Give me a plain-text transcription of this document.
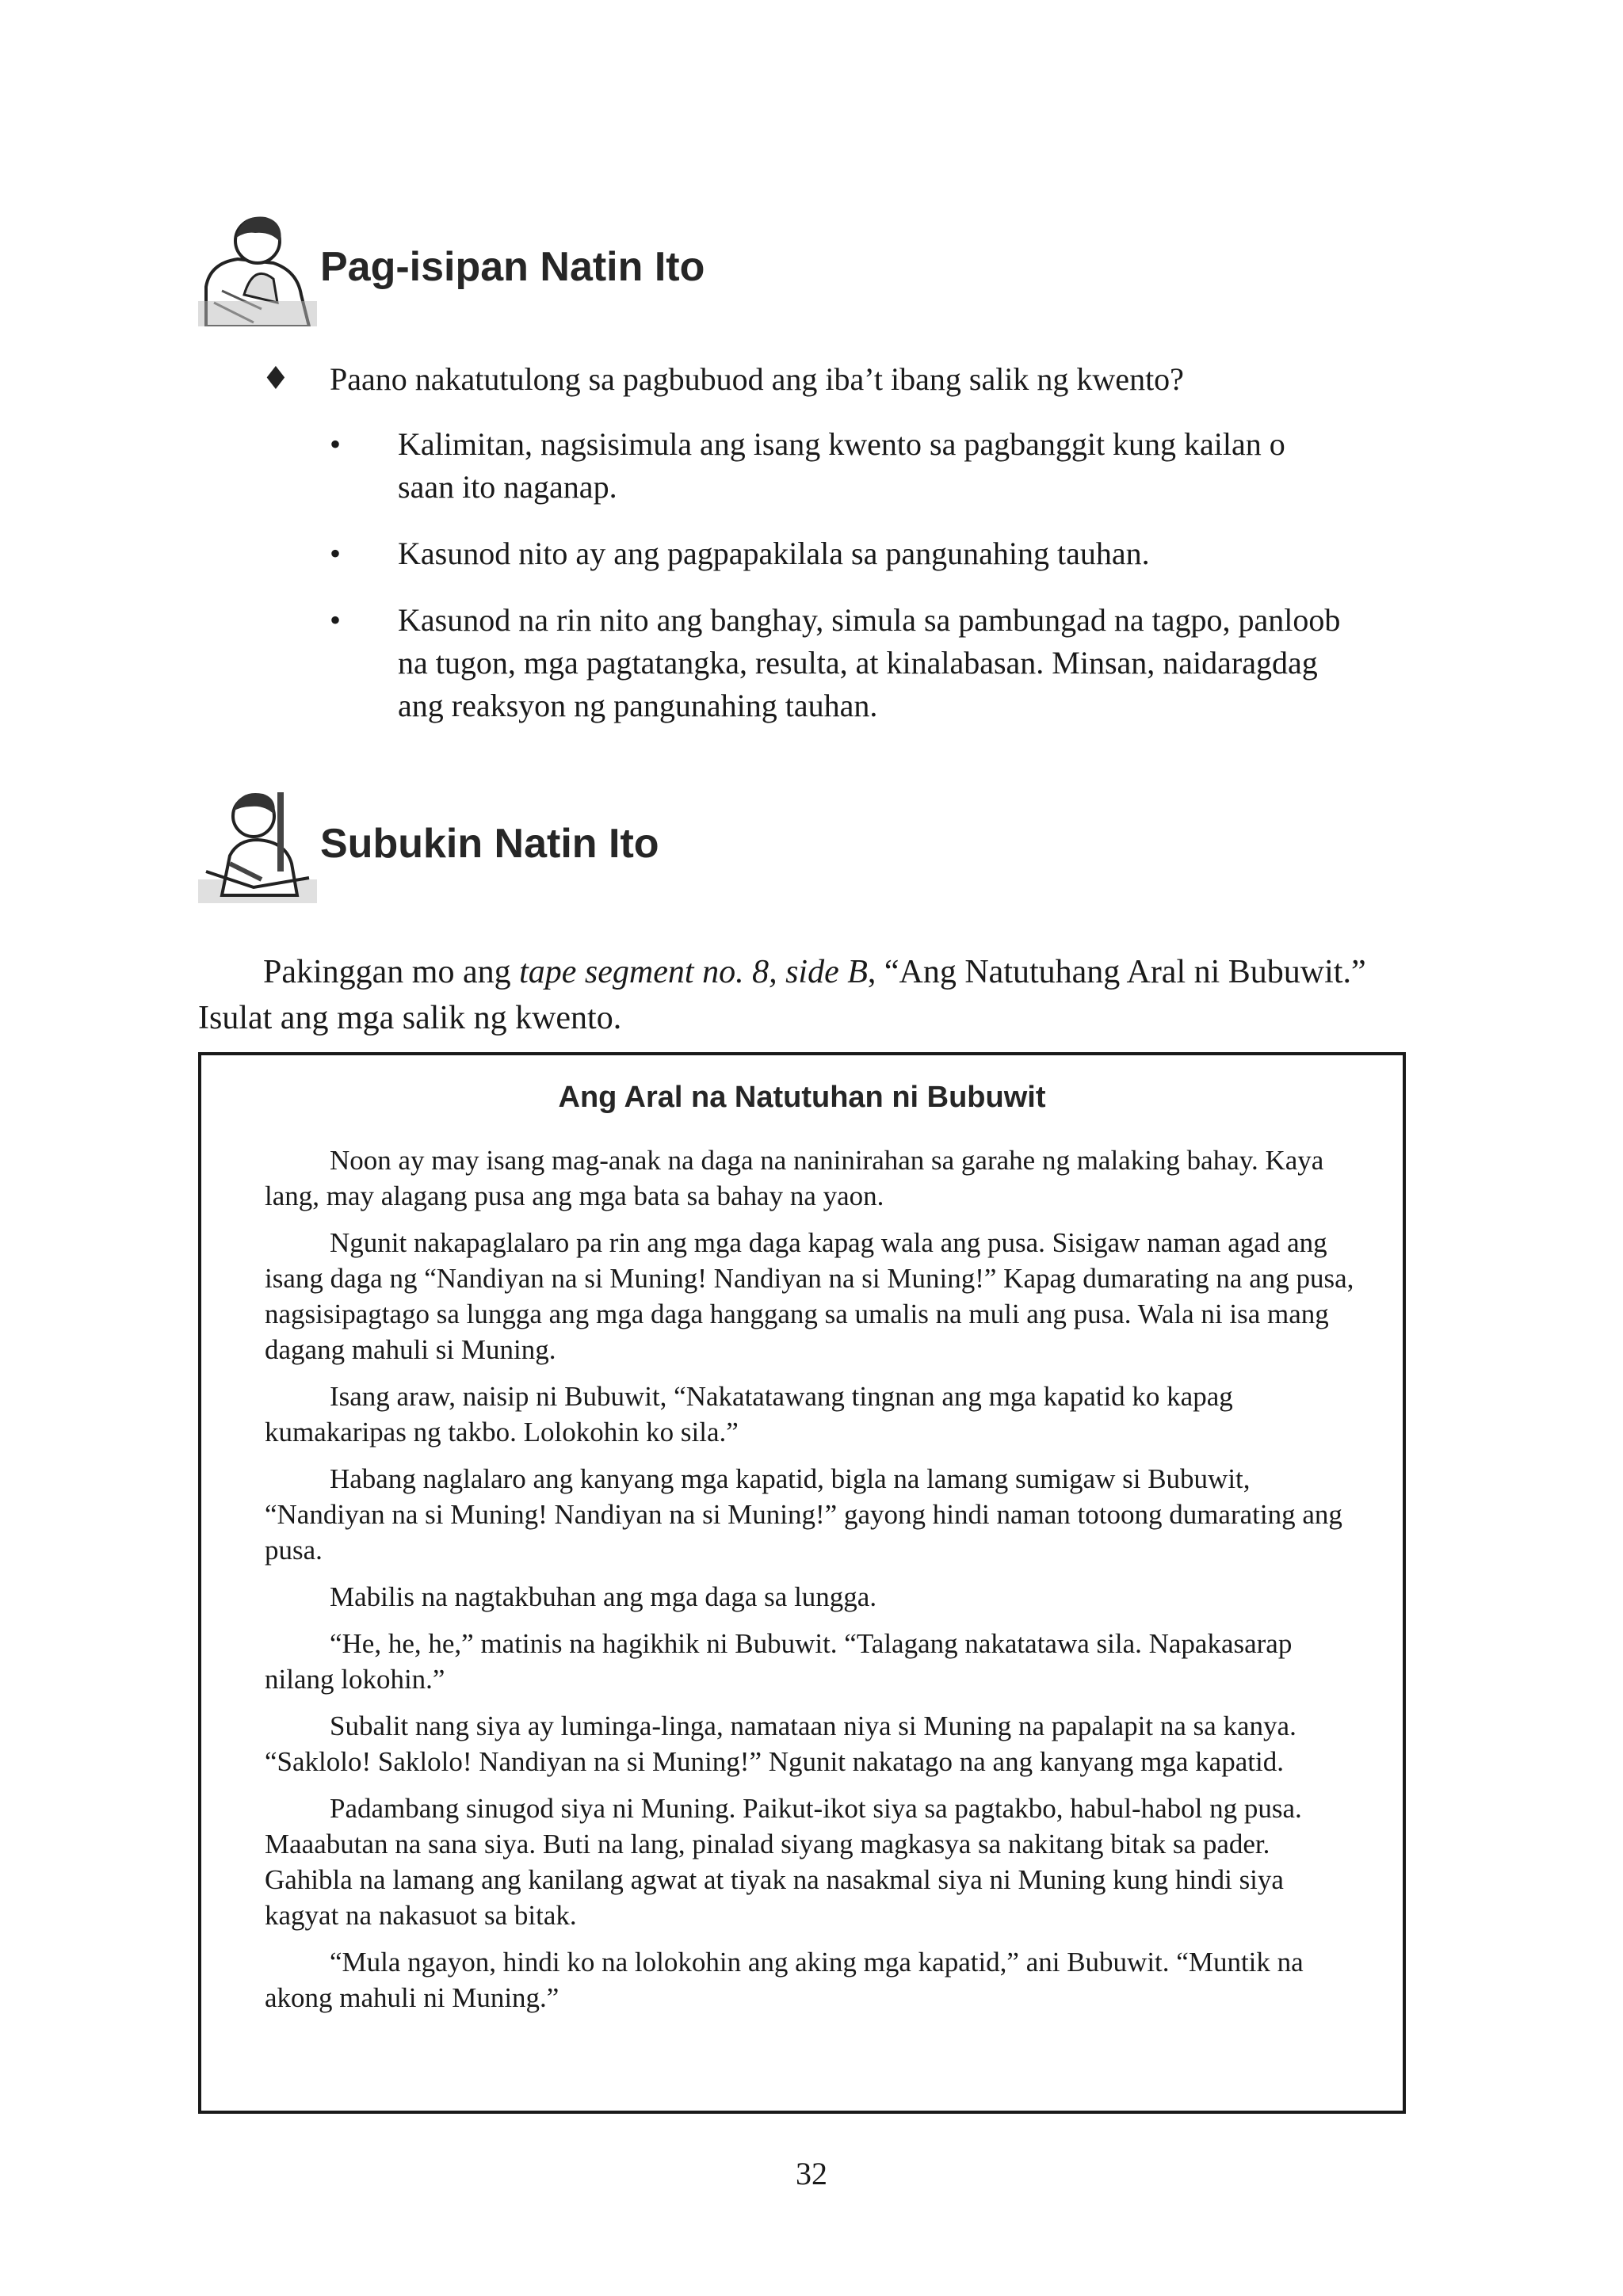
Pag-isipan Natin Ito
♦	Paano nakatutulong sa pagbubuod ang iba’t ibang salik ng kwento?
•	Kalimitan, nagsisimula ang isang kwento sa pagbanggit kung kailan o saan ito naganap.
•	Kasunod nito ay ang pagpapakilala sa pangunahing tauhan.
•	Kasunod na rin nito ang banghay, simula sa pambungad na tagpo, panloob na tugon, mga pagtatangka, resulta, at kinalabasan. Minsan, naidaragdag ang reaksyon ng pangunahing tauhan.
Subukin Natin Ito
Pakinggan mo ang tape segment no. 8, side B, “Ang Natutuhang Aral ni Bubuwit.” Isulat ang mga salik ng kwento.
Ang Aral na Natutuhan ni Bubuwit

Noon ay may isang mag-anak na daga na naninirahan sa garahe ng malaking bahay. Kaya lang, may alagang pusa ang mga bata sa bahay na yaon.

Ngunit nakapaglalaro pa rin ang mga daga kapag wala ang pusa. Sisigaw naman agad ang isang daga ng “Nandiyan na si Muning! Nandiyan na si Muning!” Kapag dumarating na ang pusa, nagsisipagtago sa lungga ang mga daga hanggang sa umalis na muli ang pusa. Wala ni isa mang dagang mahuli si Muning.

Isang araw, naisip ni Bubuwit, “Nakatatawang tingnan ang mga kapatid ko kapag kumakaripas ng takbo. Lolokohin ko sila.”

Habang naglalaro ang kanyang mga kapatid, bigla na lamang sumigaw si Bubuwit, “Nandiyan na si Muning! Nandiyan na si Muning!” gayong hindi naman totoong dumarating ang pusa.

Mabilis na nagtakbuhan ang mga daga sa lungga.

“He, he, he,” matinis na hagikhik ni Bubuwit. “Talagang nakatatawa sila. Napakasarap nilang lokohin.”

Subalit nang siya ay luminga-linga, namataan niya si Muning na papalapit na sa kanya. “Saklolo! Saklolo! Nandiyan na si Muning!” Ngunit nakatago na ang kanyang mga kapatid.

Padambang sinugod siya ni Muning. Paikut-ikot siya sa pagtakbo, habul-habol ng pusa. Maaabutan na sana siya. Buti na lang, pinalad siyang magkasya sa nakitang bitak sa pader. Gahibla na lamang ang kanilang agwat at tiyak na nasakmal siya ni Muning kung hindi siya kagyat na nakasuot sa bitak.

“Mula ngayon, hindi ko na lolokohin ang aking mga kapatid,” ani Bubuwit. “Muntik na akong mahuli ni Muning.”

32
